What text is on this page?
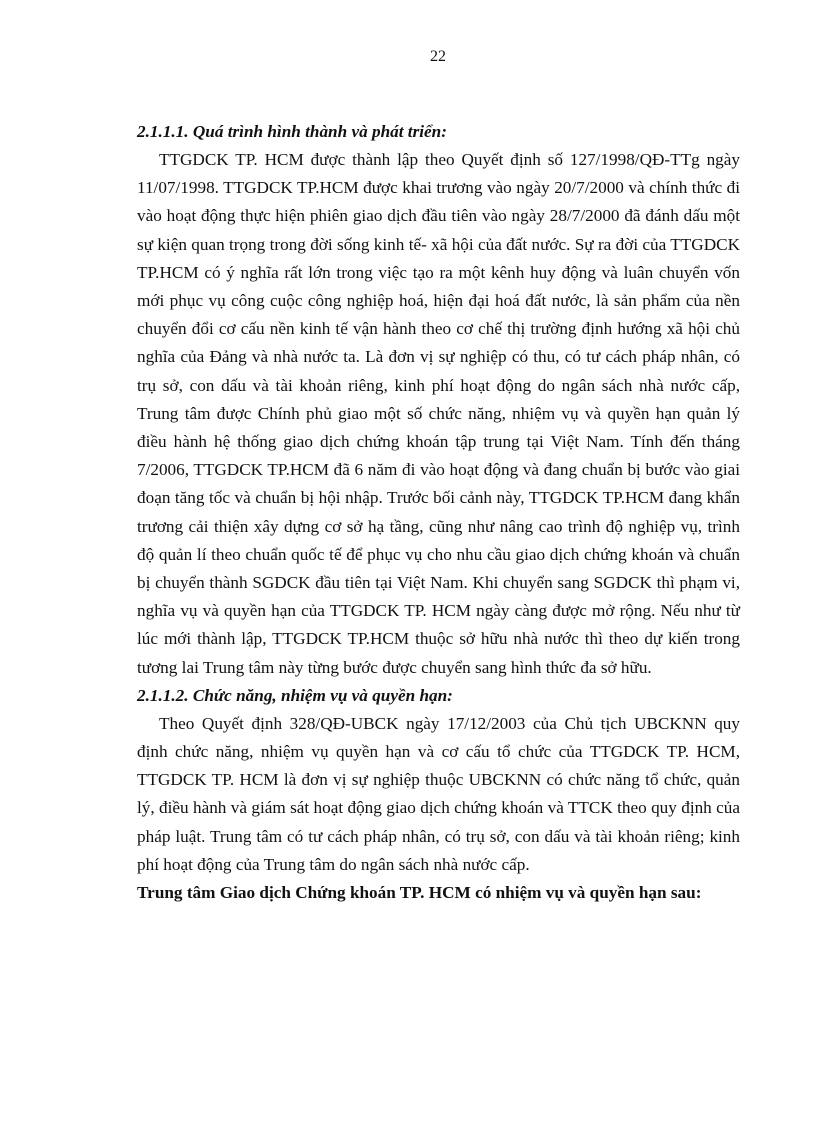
22
2.1.1.1. Quá trình hình thành và phát triển:

TTGDCK TP. HCM được thành lập theo Quyết định số 127/1998/QĐ-TTg ngày 11/07/1998. TTGDCK TP.HCM được khai trương vào ngày 20/7/2000 và chính thức đi vào hoạt động thực hiện phiên giao dịch đầu tiên vào ngày 28/7/2000 đã đánh dấu một sự kiện quan trọng trong đời sống kinh tế- xã hội của đất nước. Sự ra đời của TTGDCK TP.HCM có ý nghĩa rất lớn trong việc tạo ra một kênh huy động và luân chuyển vốn mới phục vụ công cuộc công nghiệp hoá, hiện đại hoá đất nước, là sản phẩm của nền chuyển đổi cơ cấu nền kinh tế vận hành theo cơ chế thị trường định hướng xã hội chủ nghĩa của Đảng và nhà nước ta. Là đơn vị sự nghiệp có thu, có tư cách pháp nhân, có trụ sở, con dấu và tài khoản riêng, kinh phí hoạt động do ngân sách nhà nước cấp, Trung tâm được Chính phủ giao một số chức năng, nhiệm vụ và quyền hạn quản lý điều hành hệ thống giao dịch chứng khoán tập trung tại Việt Nam. Tính đến tháng 7/2006, TTGDCK TP.HCM đã 6 năm đi vào hoạt động và đang chuẩn bị bước vào giai đoạn tăng tốc và chuẩn bị hội nhập. Trước bối cảnh này, TTGDCK TP.HCM đang khẩn trương cải thiện xây dựng cơ sở hạ tầng, cũng như nâng cao trình độ nghiệp vụ, trình độ quản lí theo chuẩn quốc tế để phục vụ cho nhu cầu giao dịch chứng khoán và chuẩn bị chuyển thành SGDCK đầu tiên tại Việt Nam. Khi chuyển sang SGDCK thì phạm vi, nghĩa vụ và quyền hạn của TTGDCK TP. HCM ngày càng được mở rộng. Nếu như từ lúc mới thành lập, TTGDCK TP.HCM thuộc sở hữu nhà nước thì theo dự kiến trong tương lai Trung tâm này từng bước được chuyển sang hình thức đa sở hữu.

2.1.1.2. Chức năng, nhiệm vụ và quyền hạn:

Theo Quyết định 328/QĐ-UBCK ngày 17/12/2003 của Chủ tịch UBCKNN quy định chức năng, nhiệm vụ quyền hạn và cơ cấu tổ chức của TTGDCK TP. HCM, TTGDCK TP. HCM là đơn vị sự nghiệp thuộc UBCKNN có chức năng tổ chức, quản lý, điều hành và giám sát hoạt động giao dịch chứng khoán và TTCK theo quy định của pháp luật. Trung tâm có tư cách pháp nhân, có trụ sở, con dấu và tài khoản riêng; kinh phí hoạt động của Trung tâm do ngân sách nhà nước cấp.

Trung tâm Giao dịch Chứng khoán TP. HCM có nhiệm vụ và quyền hạn sau:
